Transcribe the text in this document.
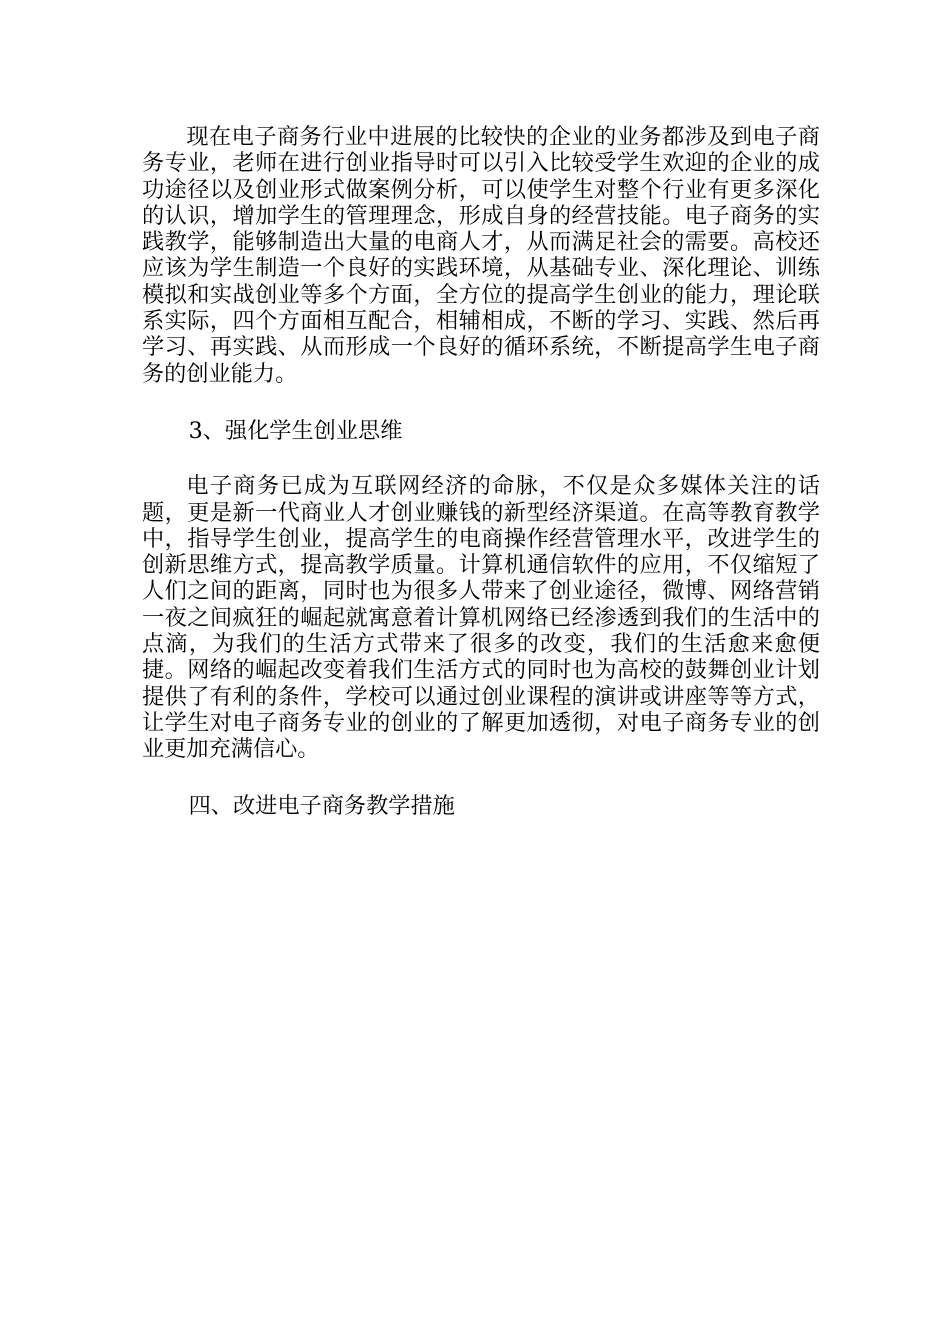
现在电子商务行业中进展的比较快的企业的业务都涉及到电子商务专业，老师在进行创业指导时可以引入比较受学生欢迎的企业的成功途径以及创业形式做案例分析，可以使学生对整个行业有更多深化的认识，增加学生的管理理念，形成自身的经营技能。电子商务的实践教学，能够制造出大量的电商人才，从而满足社会的需要。高校还应该为学生制造一个良好的实践环境，从基础专业、深化理论、训练模拟和实战创业等多个方面，全方位的提高学生创业的能力，理论联系实际，四个方面相互配合，相辅相成，不断的学习、实践、然后再学习、再实践、从而形成一个良好的循环系统，不断提高学生电子商务的创业能力。

3、强化学生创业思维

电子商务已成为互联网经济的命脉，不仅是众多媒体关注的话题，更是新一代商业人才创业赚钱的新型经济渠道。在高等教育教学中，指导学生创业，提高学生的电商操作经营管理水平，改进学生的创新思维方式，提高教学质量。计算机通信软件的应用，不仅缩短了人们之间的距离，同时也为很多人带来了创业途径，微博、网络营销一夜之间疯狂的崛起就寓意着计算机网络已经渗透到我们的生活中的点滴，为我们的生活方式带来了很多的改变，我们的生活愈来愈便捷。网络的崛起改变着我们生活方式的同时也为高校的鼓舞创业计划提供了有利的条件，学校可以通过创业课程的演讲或讲座等等方式，让学生对电子商务专业的创业的了解更加透彻，对电子商务专业的创业更加充满信心。

四、改进电子商务教学措施
